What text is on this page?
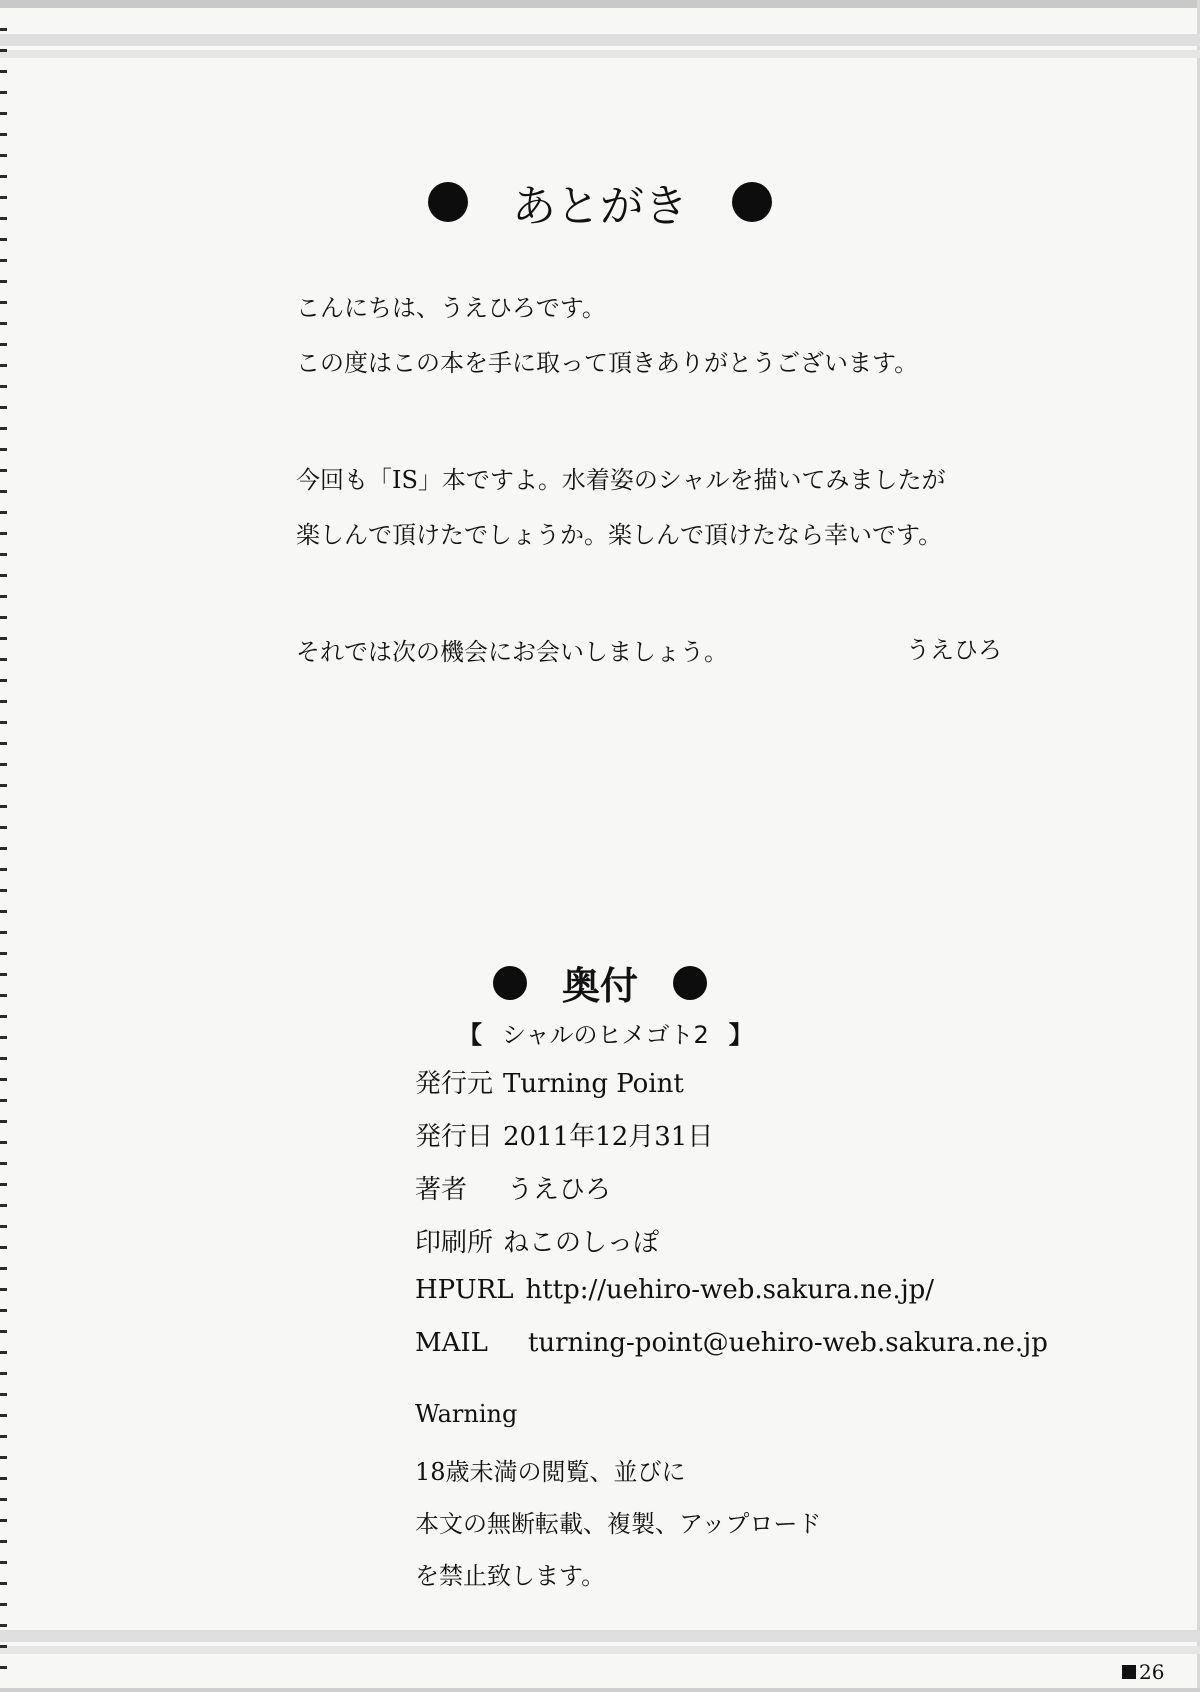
あとがき

こんにちは、うえひろです。

この度はこの本を手に取って頂きありがとうございます。

今回も「IS」本ですよ。水着姿のシャルを描いてみましたが

楽しんで頂けたでしょうか。楽しんで頂けたなら幸いです。

それでは次の機会にお会いしましょう。	うえひろ
奥付
【 シャルのヒメゴト2 】
発行元 Turning Point
発行日 2011年12月31日
著者 うえひろ
印刷所 ねこのしっぽ
HPURL http://uehiro-web.sakura.ne.jp/
MAIL turning-point@uehiro-web.sakura.ne.jp
Warning
18歳未満の閲覧、並びに
本文の無断転載、複製、アップロード
を禁止致します。
26
